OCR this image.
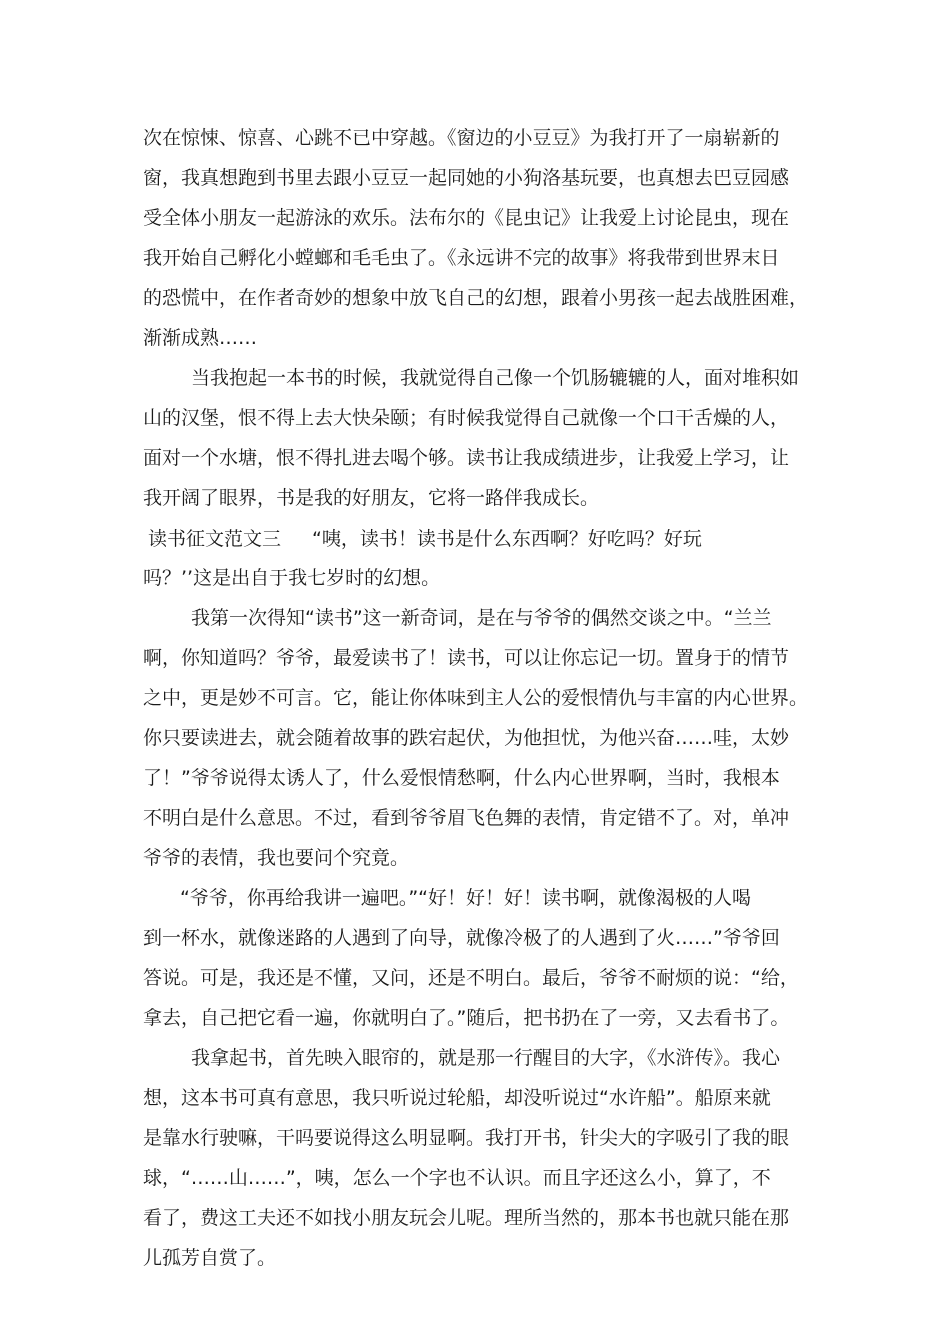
次在惊悚、惊喜、心跳不已中穿越。《窗边的小豆豆》为我打开了一扇崭新的
窗，我真想跑到书里去跟小豆豆一起同她的小狗洛基玩要，也真想去巴豆园感
受全体小朋友一起游泳的欢乐。法布尔的《昆虫记》让我爱上讨论昆虫，现在
我开始自己孵化小螳螂和毛毛虫了。《永远讲不完的故事》将我带到世界末日
的恐慌中，在作者奇妙的想象中放飞自己的幻想，跟着小男孩一起去战胜困难，
渐渐成熟……
当我抱起一本书的时候，我就觉得自己像一个饥肠辘辘的人，面对堆积如
山的汉堡，恨不得上去大快朵颐；有时候我觉得自己就像一个口干舌燥的人，
面对一个水塘，恨不得扎进去喝个够。读书让我成绩进步，让我爱上学习，让
我开阔了眼界，书是我的好朋友，它将一路伴我成长。
读书征文范文三 “咦，读书！读书是什么东西啊？好吃吗？好玩
吗？’’这是出自于我七岁时的幻想。
我第一次得知“读书”这一新奇词，是在与爷爷的偶然交谈之中。“兰兰
啊，你知道吗？爷爷，最爱读书了！读书，可以让你忘记一切。置身于的情节
之中，更是妙不可言。它，能让你体味到主人公的爱恨情仇与丰富的内心世界。
你只要读进去，就会随着故事的跌宕起伏，为他担忧，为他兴奋……哇，太妙
了！”爷爷说得太诱人了，什么爱恨情愁啊，什么内心世界啊，当时，我根本
不明白是什么意思。不过，看到爷爷眉飞色舞的表情，肯定错不了。对，单冲
爷爷的表情，我也要问个究竟。
“爷爷，你再给我讲一遍吧。”“好！好！好！读书啊，就像渴极的人喝
到一杯水，就像迷路的人遇到了向导，就像冷极了的人遇到了火……”爷爷回
答说。可是，我还是不懂，又问，还是不明白。最后，爷爷不耐烦的说：“给，
拿去，自己把它看一遍，你就明白了。”随后，把书扔在了一旁，又去看书了。
我拿起书，首先映入眼帘的，就是那一行醒目的大字，《水浒传》。我心
想，这本书可真有意思，我只听说过轮船，却没听说过“水许船”。船原来就
是靠水行驶嘛，干吗要说得这么明显啊。我打开书，针尖大的字吸引了我的眼
球，“……山……”，咦，怎么一个字也不认识。而且字还这么小，算了，不
看了，费这工夫还不如找小朋友玩会儿呢。理所当然的，那本书也就只能在那
儿孤芳自赏了。
